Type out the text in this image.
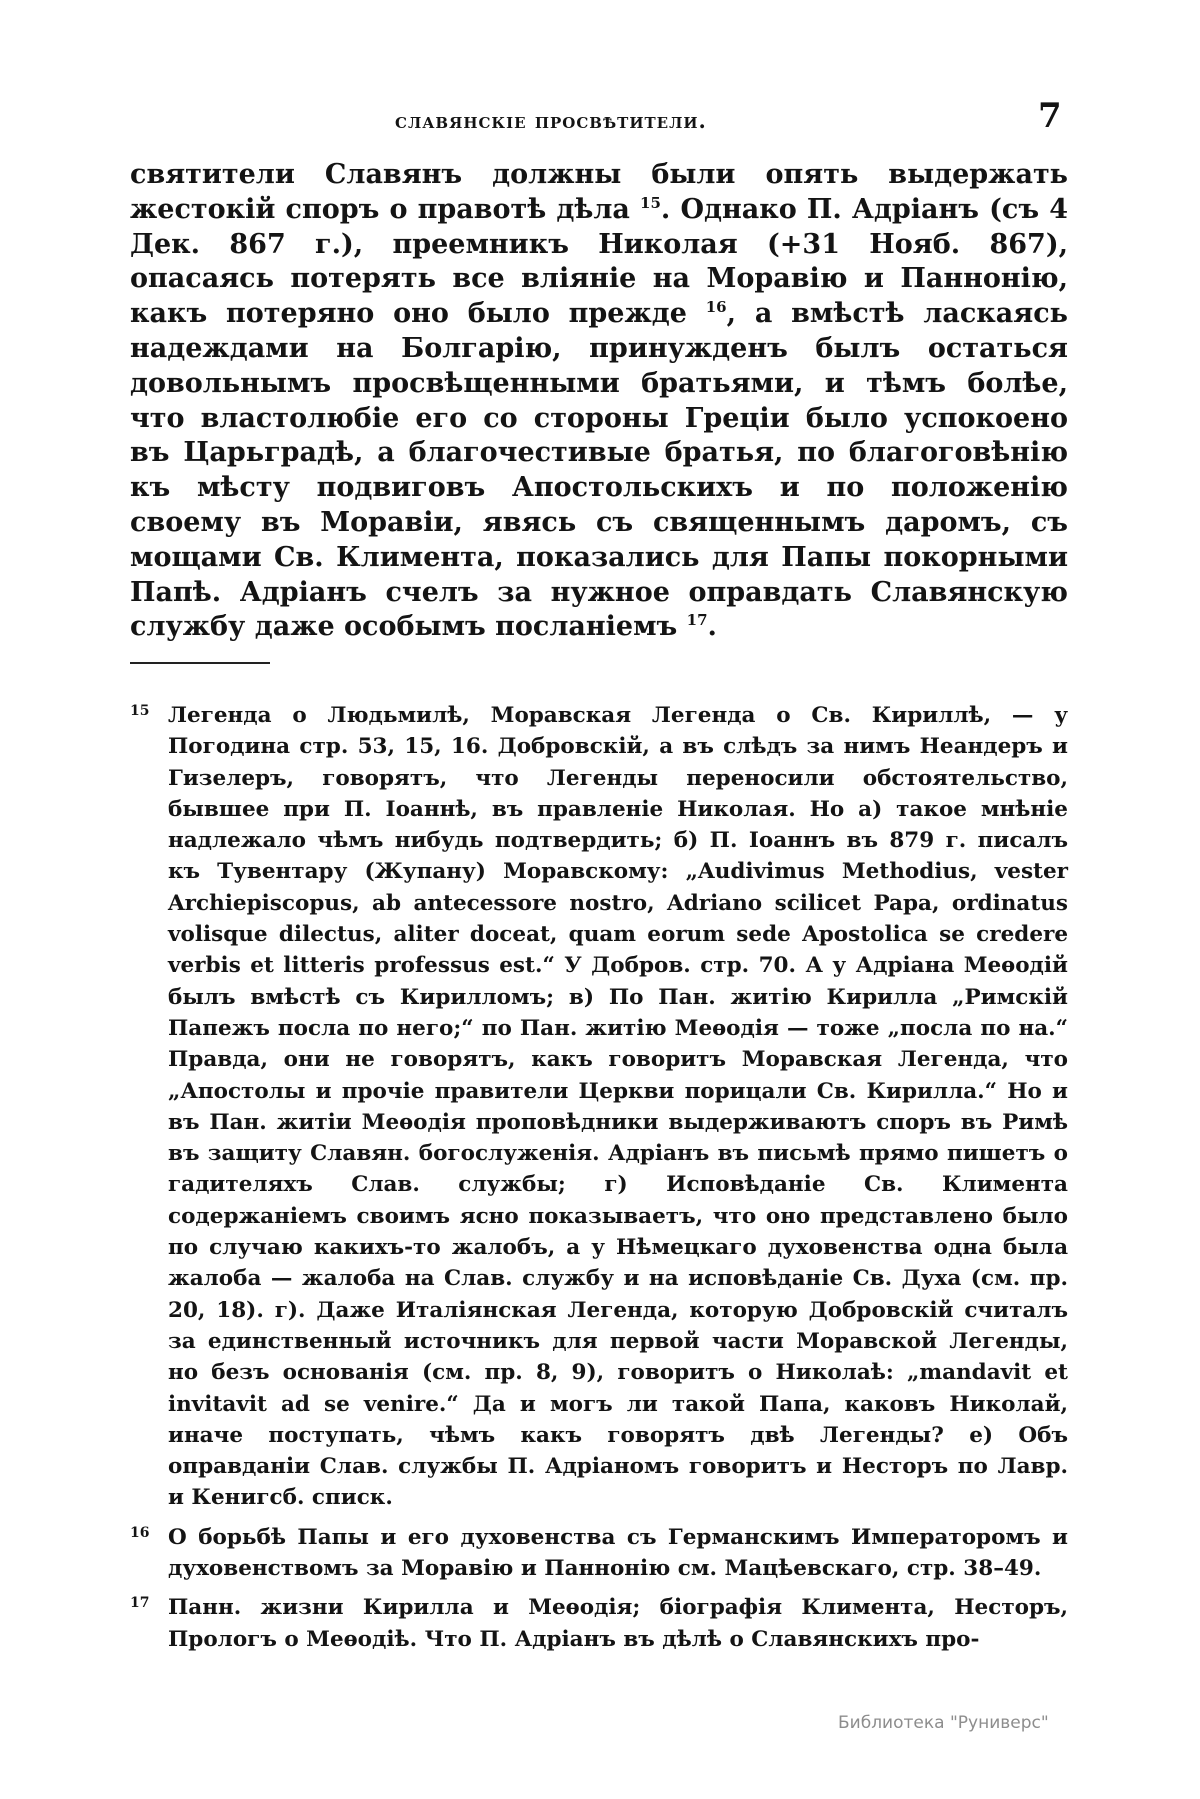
славянскіе просвѣтители.	7

святители Славянъ должны были опять выдержать жестокій споръ о правотѣ дѣла $^{15}$. Однако П. Адріанъ (съ 4 Дек. 867 г.), преемникъ Николая (+31 Нояб. 867), опасаясь потерять все вліяніе на Моравію и Паннонію, какъ потеряно оно было прежде $^{16}$, а вмѣстѣ ласкаясь надеждами на Болгарію, принужденъ былъ остаться довольнымъ просвѣщенными братьями, и тѣмъ болѣе, что властолюбіе его со стороны Греціи было успокоено въ Царьградѣ, а благочестивые братья, по благоговѣнію къ мѣсту подвиговъ Апостольскихъ и по положенію своему въ Моравіи, явясь съ священнымъ даромъ, съ мощами Св. Климента, показались для Папы покорными Папѣ. Адріанъ счелъ за нужное оправдать Славянскую службу даже особымъ посланіемъ $^{17}$.

15 Легенда о Людьмилѣ, Моравская Легенда о Св. Кириллѣ, — у Погодина стр. 53, 15, 16. Добровскій, а въ слѣдъ за нимъ Неандеръ и Гизелеръ, говорятъ, что Легенды переносили обстоятельство, бывшее при П. Іоаннѣ, въ правленіе Николая. Но а) такое мнѣніе надлежало чѣмъ нибудь подтвердить; б) П. Іоаннъ въ 879 г. писалъ къ Тувентару (Жупану) Моравскому: „Audivimus Methodius, vester Archiepiscopus, ab antecessore nostro, Adriano scilicet Papa, ordinatus volisque dilectus, aliter doceat, quam eorum sede Apostolica se credere verbis et litteris professus est.“ У Добров. стр. 70. А у Адріана Меѳодій былъ вмѣстѣ съ Кирилломъ; в) По Пан. житію Кирилла „Римскій Папежъ посла по него;“ по Пан. житію Меѳодія — тоже „посла по на.“ Правда, они не говорятъ, какъ говоритъ Моравская Легенда, что „Апостолы и прочіе правители Церкви порицали Св. Кирилла.“ Но и въ Пан. житіи Меѳодія проповѣдники выдерживаютъ споръ въ Римѣ въ защиту Славян. богослуженія. Адріанъ въ письмѣ прямо пишетъ о гадителяхъ Слав. службы; г) Исповѣданіе Св. Климента содержаніемъ своимъ ясно показываетъ, что оно представлено было по случаю какихъ-то жалобъ, а у Нѣмецкаго духовенства одна была жалоба — жалоба на Слав. службу и на исповѣданіе Св. Духа (см. пр. 20, 18). г). Даже Италіянская Легенда, которую Добровскій считалъ за единственный источникъ для первой части Моравской Легенды, но безъ основанія (см. пр. 8, 9), говоритъ о Николаѣ: „mandavit et invitavit ad se venire.“ Да и могъ ли такой Папа, каковъ Николай, иначе поступать, чѣмъ какъ говорятъ двѣ Легенды? е) Объ оправданіи Слав. службы П. Адріаномъ говоритъ и Несторъ по Лавр. и Кенигсб. списк.
16 О борьбѣ Папы и его духовенства съ Германскимъ Императоромъ и духовенствомъ за Моравію и Паннонію см. Мацѣевскаго, стр. 38–49.
17 Панн. жизни Кирилла и Меѳодія; біографія Климента, Несторъ, Прологъ о Меѳодіѣ. Что П. Адріанъ въ дѣлѣ о Славянскихъ про-
Библиотека "Руниверс"
